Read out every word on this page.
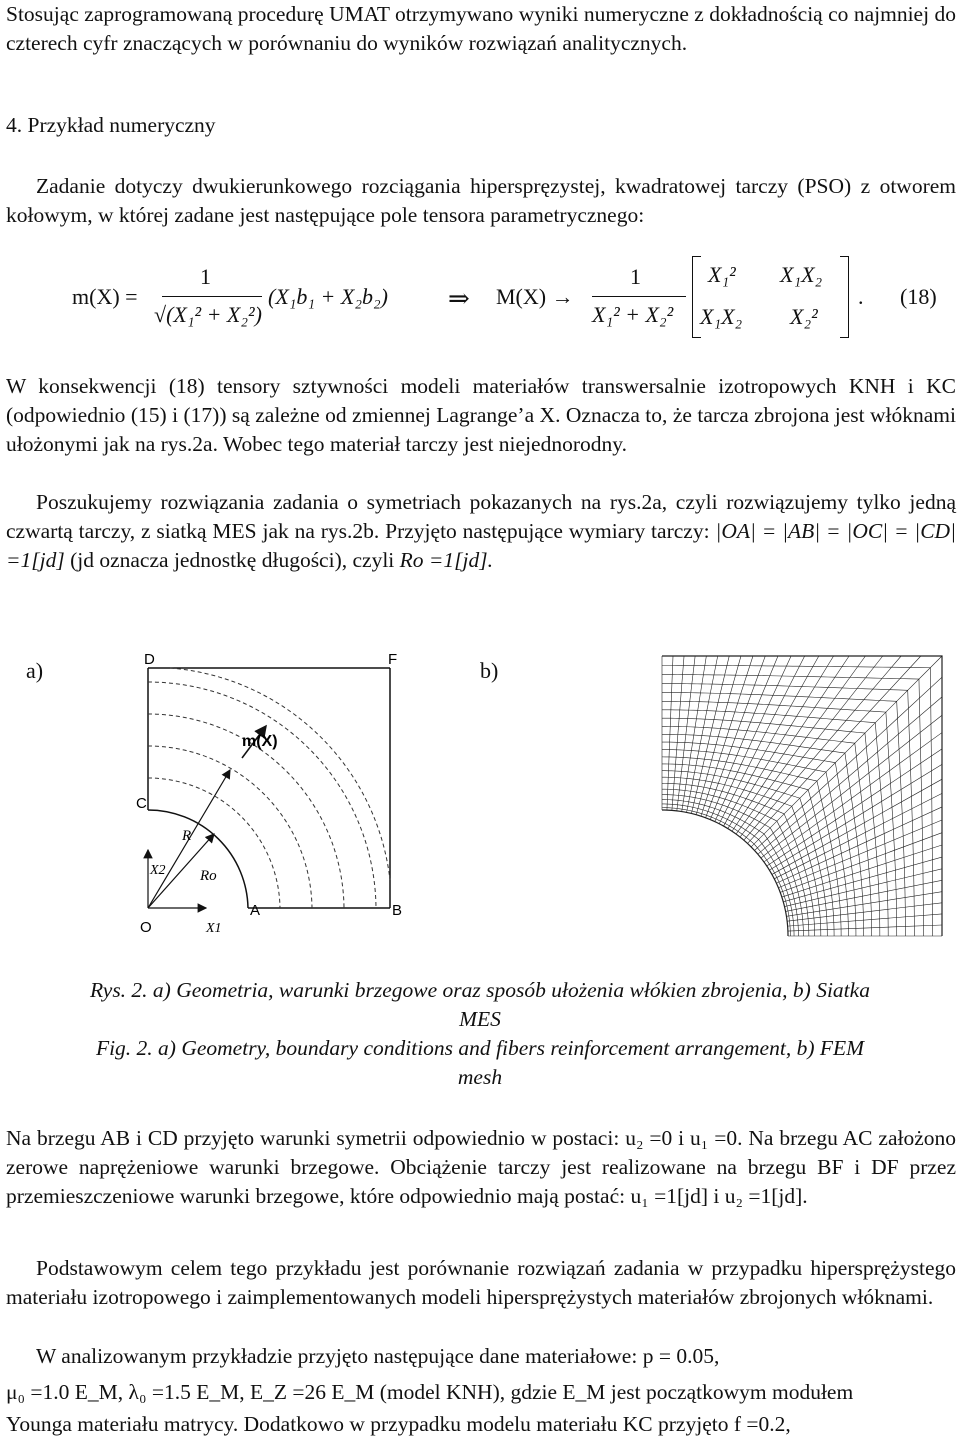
Stosując zaprogramowaną procedurę UMAT otrzymywano wyniki numeryczne z dokładnością co najmniej do czterech cyfr znaczących w porównaniu do wyników rozwiązań analitycznych.

4. Przykład numeryczny

Zadanie dotyczy dwukierunkowego rozciągania hiperspręzystej, kwadratowej tarczy (PSO) z otworem kołowym, w której zadane jest następujące pole tensora parametrycznego:

m(X) =
1
√(X₁² + X₂²)
(X₁b₁ + X₂b₂) ⇒ M(X) →
1
X₁² + X₂²
X₁² X₁X₂
X₁X₂ X₂²
. (18)

W konsekwencji (18) tensory sztywności modeli materiałów transwersalnie izotropowych KNH i KC (odpowiednio (15) i (17)) są zależne od zmiennej Lagrange’a X. Oznacza to, że tarcza zbrojona jest włóknami ułożonymi jak na rys.2a. Wobec tego materiał tarczy jest niejednorodny.

Poszukujemy rozwiązania zadania o symetriach pokazanych na rys.2a, czyli rozwiązujemy tylko jedną czwartą tarczy, z siatką MES jak na rys.2b. Przyjęto następujące wymiary tarczy: |OA| = |AB| = |OC| = |CD| =1[jd] (jd oznacza jednostkę długości), czyli Ro =1[jd].

a)	b)
D	F
C
A	B
O
m(X)
R
Ro
X1
X2
Rys. 2. a) Geometria, warunki brzegowe oraz sposób ułożenia włókien zbrojenia, b) Siatka
MES
Fig. 2. a) Geometry, boundary conditions and fibers reinforcement arrangement, b) FEM
mesh

Na brzegu AB i CD przyjęto warunki symetrii odpowiednio w postaci: u₂ =0 i u₁ =0. Na brzegu AC założono zerowe naprężeniowe warunki brzegowe. Obciążenie tarczy jest realizowane na brzegu BF i DF przez przemieszczeniowe warunki brzegowe, które odpowiednio mają postać: u₁ =1[jd] i u₂ =1[jd].

Podstawowym celem tego przykładu jest porównanie rozwiązań zadania w przypadku hipersprężystego materiału izotropowego i zaimplementowanych modeli hipersprężystych materiałów zbrojonych włóknami.

W analizowanym przykładzie przyjęto następujące dane materiałowe: p = 0.05,

μ₀ =1.0 E_M, λ₀ =1.5 E_M, E_Z =26 E_M (model KNH), gdzie E_M jest początkowym modułem

Younga materiału matrycy. Dodatkowo w przypadku modelu materiału KC przyjęto f =0.2,
